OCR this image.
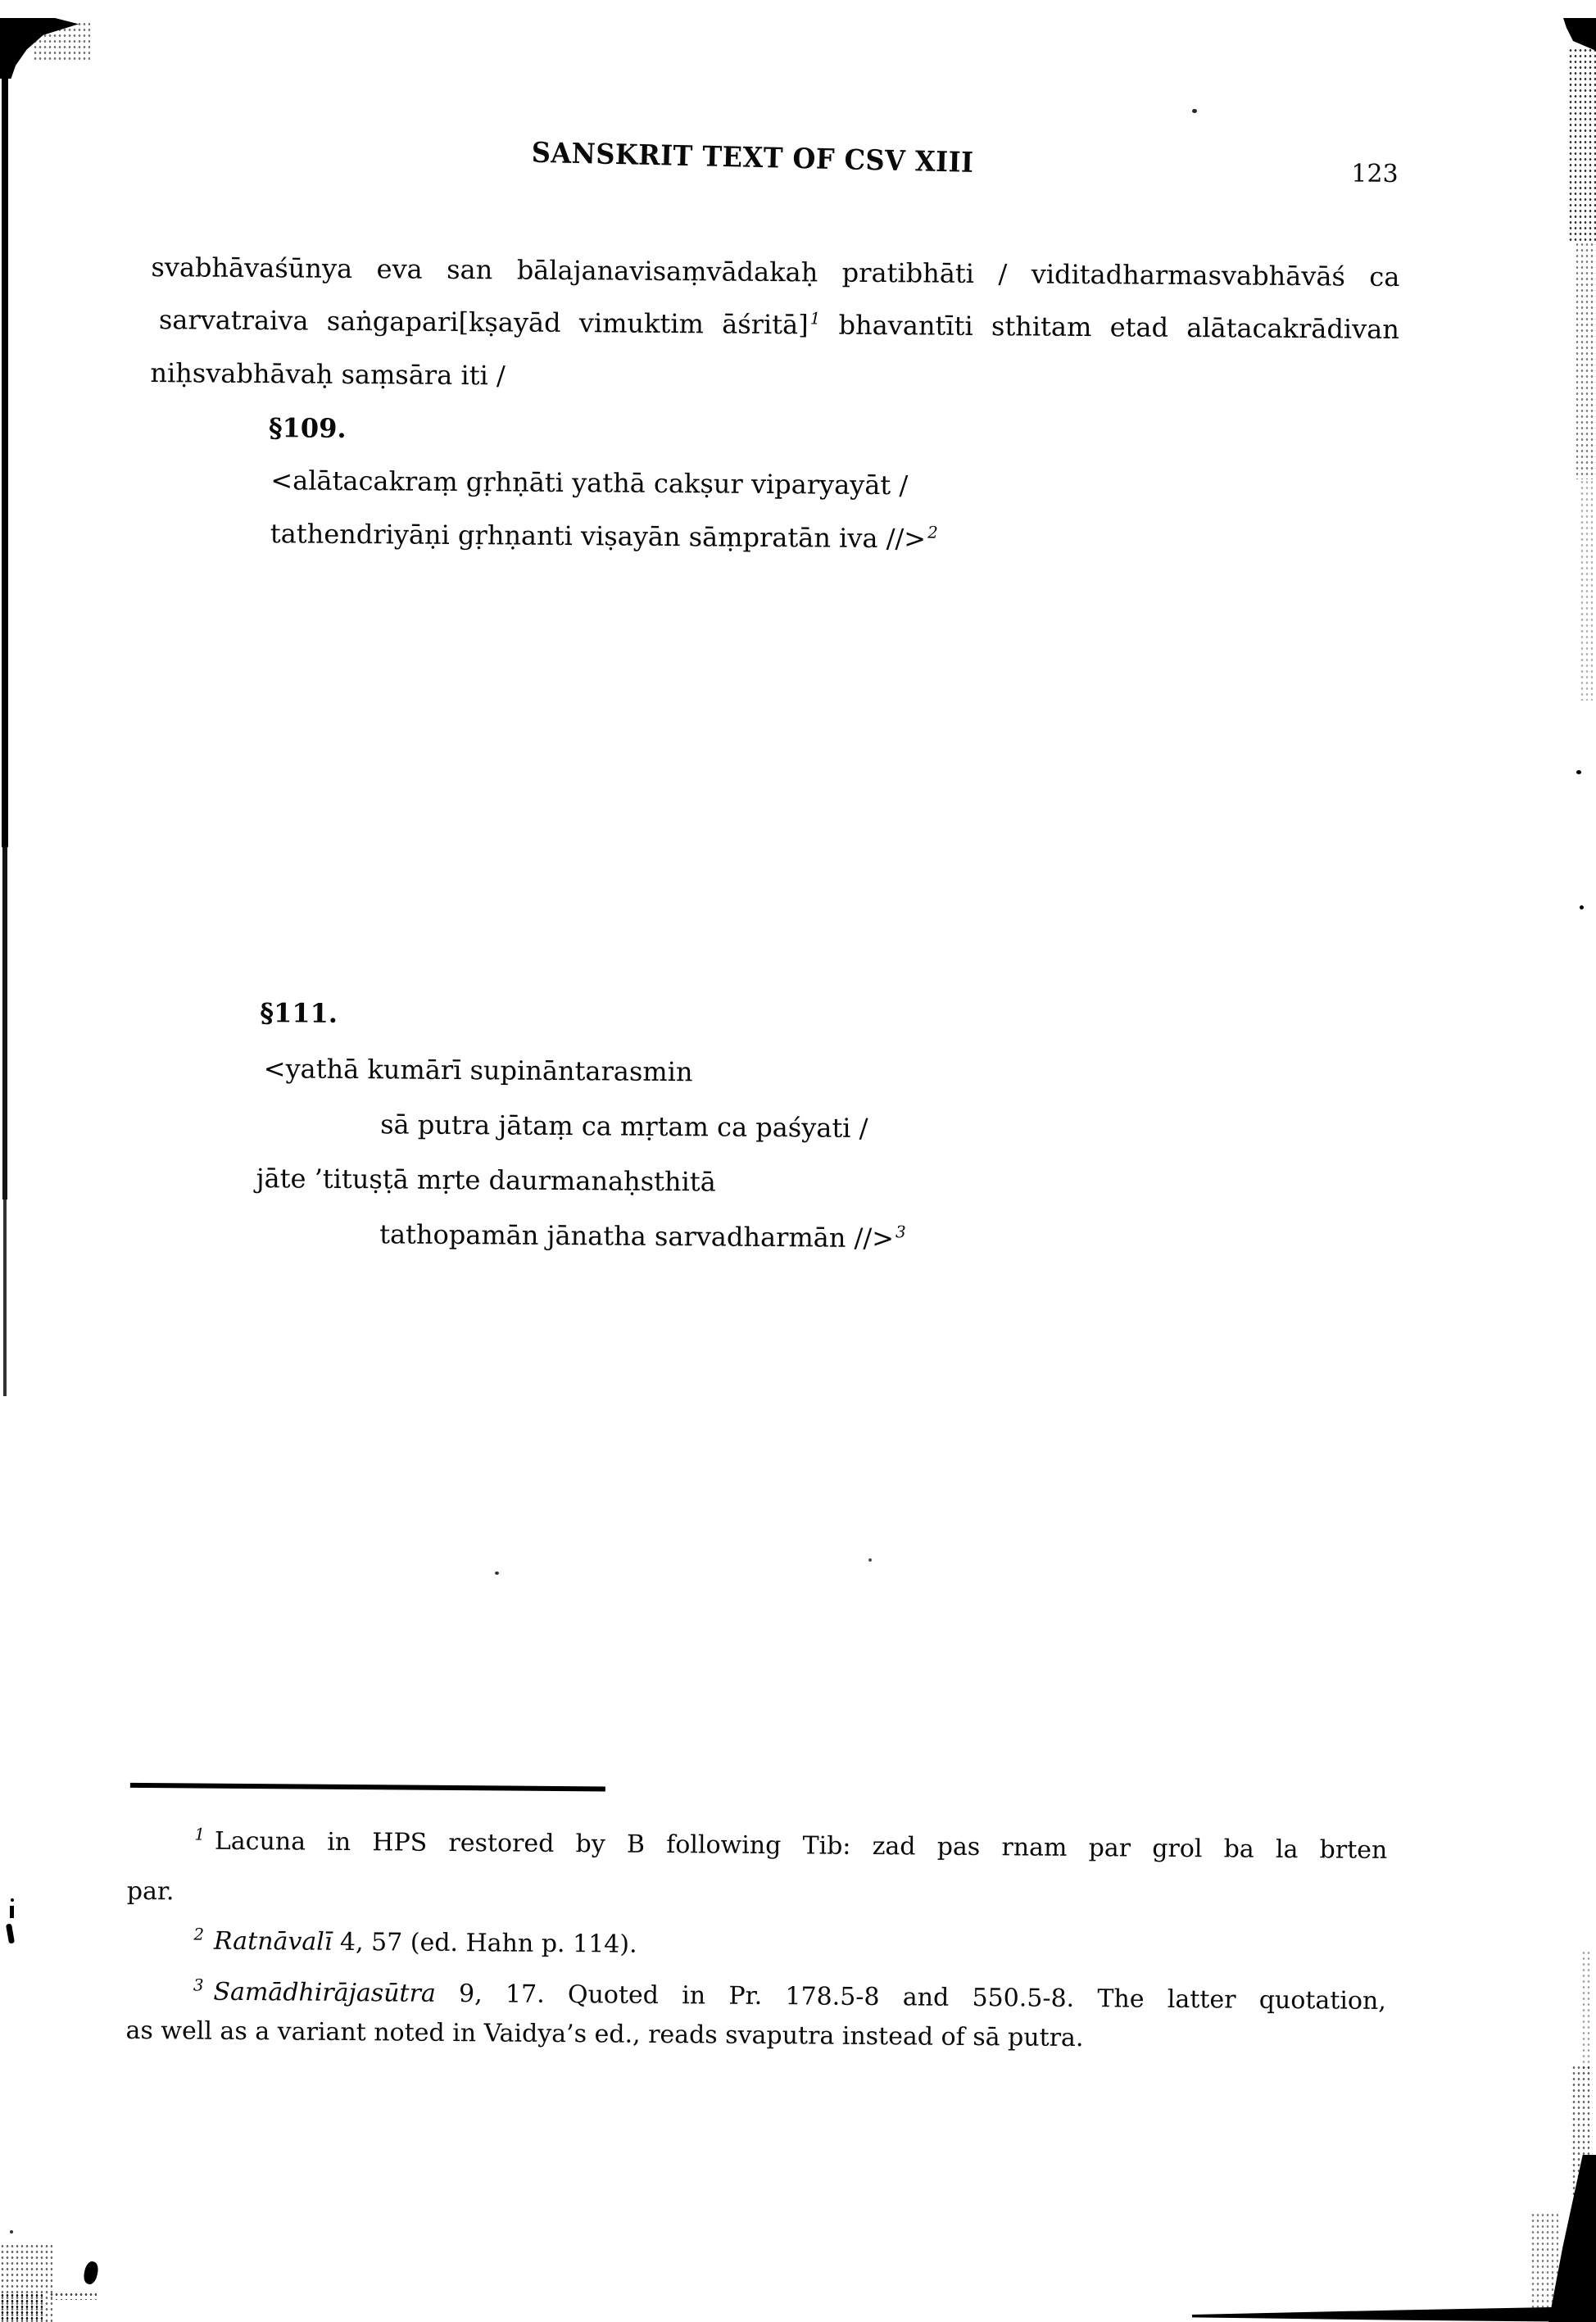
SANSKRIT TEXT OF CSV XIII	123
svabhāvaśūnya eva san bālajanavisaṃvādakaḥ pratibhāti / viditadharmasvabhāvāś ca
sarvatraiva saṅgapari[kṣayād vimuktim āśritā]$^1$ bhavantīti sthitam etad alātacakrādivan
niḥsvabhāvaḥ saṃsāra iti /
§109.
<alātacakraṃ gṛhṇāti yathā cakṣur viparyayāt /
tathendriyāṇi gṛhṇanti viṣayān sāṃpratān iva //>$^2$
§111.
<yathā kumārī supināntarasmin
sā putra jātaṃ ca mṛtam ca paśyati /
jāte ’tituṣṭā mṛte daurmanaḥsthitā
tathopamān jānatha sarvadharmān //>$^3$
$^1$ Lacuna in HPS restored by B following Tib: zad pas rnam par grol ba la brten
par.
$^2$ Ratnāvalī 4, 57 (ed. Hahn p. 114).
$^3$ Samādhirājasūtra 9, 17. Quoted in Pr. 178.5-8 and 550.5-8. The latter quotation,
as well as a variant noted in Vaidya’s ed., reads svaputra instead of sā putra.
